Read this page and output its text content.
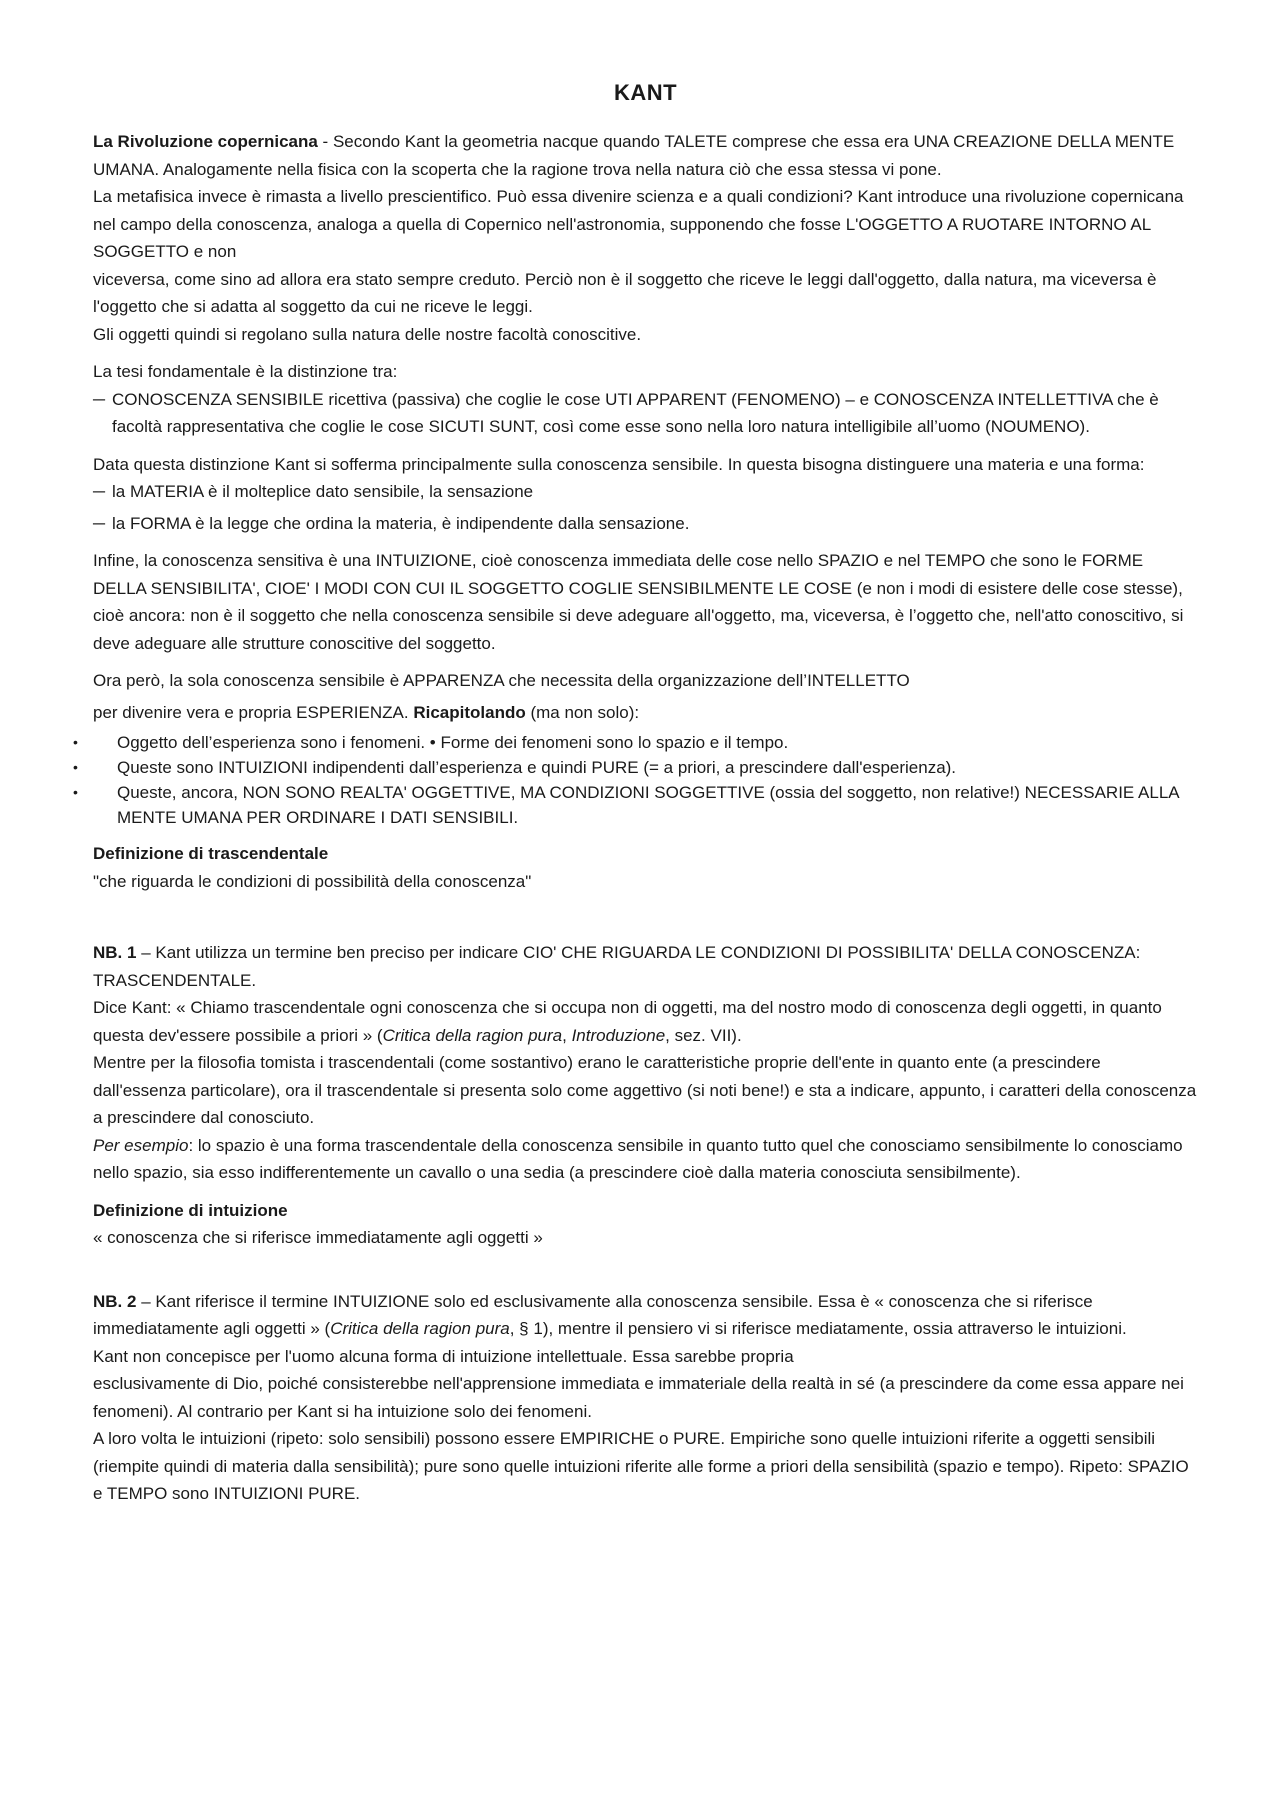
KANT

La Rivoluzione copernicana - Secondo Kant la geometria nacque quando TALETE comprese che essa era UNA CREAZIONE DELLA MENTE UMANA. Analogamente nella fisica con la scoperta che la ragione trova nella natura ciò che essa stessa vi pone.

La metafisica invece è rimasta a livello prescientifico. Può essa divenire scienza e a quali condizioni? Kant introduce una rivoluzione copernicana nel campo della conoscenza, analoga a quella di Copernico nell'astronomia, supponendo che fosse L'OGGETTO A RUOTARE INTORNO AL SOGGETTO e non

viceversa, come sino ad allora era stato sempre creduto. Perciò non è il soggetto che riceve le leggi dall'oggetto, dalla natura, ma viceversa è l'oggetto che si adatta al soggetto da cui ne riceve le leggi.

Gli oggetti quindi si regolano sulla natura delle nostre facoltà conoscitive.

La tesi fondamentale è la distinzione tra:

─ CONOSCENZA SENSIBILE ricettiva (passiva) che coglie le cose UTI APPARENT (FENOMENO) – e CONOSCENZA INTELLETTIVA che è facoltà rappresentativa che coglie le cose SICUTI SUNT, così come esse sono nella loro natura intelligibile all’uomo (NOUMENO).

Data questa distinzione Kant si sofferma principalmente sulla conoscenza sensibile. In questa bisogna distinguere una materia e una forma:

─ la MATERIA è il molteplice dato sensibile, la sensazione
─ la FORMA è la legge che ordina la materia, è indipendente dalla sensazione.

Infine, la conoscenza sensitiva è una INTUIZIONE, cioè conoscenza immediata delle cose nello SPAZIO e nel TEMPO che sono le FORME DELLA SENSIBILITA', CIOE' I MODI CON CUI IL SOGGETTO COGLIE SENSIBILMENTE LE COSE (e non i modi di esistere delle cose stesse), cioè ancora: non è il soggetto che nella conoscenza sensibile si deve adeguare all'oggetto, ma, viceversa, è l’oggetto che, nell'atto conoscitivo, si deve adeguare alle strutture conoscitive del soggetto.

Ora però, la sola conoscenza sensibile è APPARENZA che necessita della organizzazione dell’INTELLETTO

per divenire vera e propria ESPERIENZA. Ricapitolando (ma non solo):

•	Oggetto dell’esperienza sono i fenomeni. • Forme dei fenomeni sono lo spazio e il tempo.
•	Queste sono INTUIZIONI indipendenti dall’esperienza e quindi PURE (= a priori, a prescindere dall'esperienza).
•	Queste, ancora, NON SONO REALTA' OGGETTIVE, MA CONDIZIONI SOGGETTIVE (ossia del soggetto, non relative!) NECESSARIE ALLA MENTE UMANA PER ORDINARE I DATI SENSIBILI.

Definizione di trascendentale

"che riguarda le condizioni di possibilità della conoscenza"

NB. 1 – Kant utilizza un termine ben preciso per indicare CIO' CHE RIGUARDA LE CONDIZIONI DI POSSIBILITA' DELLA CONOSCENZA: TRASCENDENTALE.

Dice Kant: « Chiamo trascendentale ogni conoscenza che si occupa non di oggetti, ma del nostro modo di conoscenza degli oggetti, in quanto questa dev'essere possibile a priori » (Critica della ragion pura, Introduzione, sez. VII).

Mentre per la filosofia tomista i trascendentali (come sostantivo) erano le caratteristiche proprie dell'ente in quanto ente (a prescindere dall'essenza particolare), ora il trascendentale si presenta solo come aggettivo (si noti bene!) e sta a indicare, appunto, i caratteri della conoscenza a prescindere dal conosciuto.

Per esempio: lo spazio è una forma trascendentale della conoscenza sensibile in quanto tutto quel che conosciamo sensibilmente lo conosciamo nello spazio, sia esso indifferentemente un cavallo o una sedia (a prescindere cioè dalla materia conosciuta sensibilmente).

Definizione di intuizione

« conoscenza che si riferisce immediatamente agli oggetti »

NB. 2 – Kant riferisce il termine INTUIZIONE solo ed esclusivamente alla conoscenza sensibile. Essa è « conoscenza che si riferisce immediatamente agli oggetti » (Critica della ragion pura, § 1), mentre il pensiero vi si riferisce mediatamente, ossia attraverso le intuizioni.

Kant non concepisce per l'uomo alcuna forma di intuizione intellettuale. Essa sarebbe propria

esclusivamente di Dio, poiché consisterebbe nell'apprensione immediata e immateriale della realtà in sé (a prescindere da come essa appare nei fenomeni). Al contrario per Kant si ha intuizione solo dei fenomeni.

A loro volta le intuizioni (ripeto: solo sensibili) possono essere EMPIRICHE o PURE. Empiriche sono quelle intuizioni riferite a oggetti sensibili (riempite quindi di materia dalla sensibilità); pure sono quelle intuizioni riferite alle forme a priori della sensibilità (spazio e tempo). Ripeto: SPAZIO e TEMPO sono INTUIZIONI PURE.
